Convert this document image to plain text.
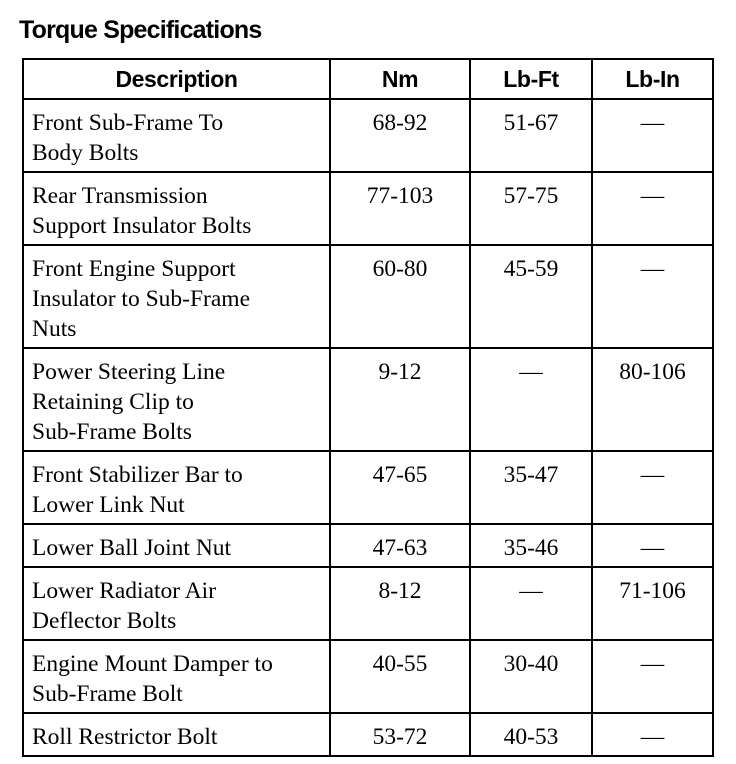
Torque Specifications
Description	Nm	Lb-Ft	Lb-In

Front Sub-Frame To
Body Bolts	68-92	51-67	—

Rear Transmission
Support Insulator Bolts	77-103	57-75	—

Front Engine Support
Insulator to Sub-Frame
Nuts	60-80	45-59	—

Power Steering Line
Retaining Clip to
Sub-Frame Bolts	9-12	—	80-106

Front Stabilizer Bar to
Lower Link Nut	47-65	35-47	—

Lower Ball Joint Nut	47-63	35-46	—

Lower Radiator Air
Deflector Bolts	8-12	—	71-106

Engine Mount Damper to
Sub-Frame Bolt	40-55	30-40	—

Roll Restrictor Bolt	53-72	40-53	—
